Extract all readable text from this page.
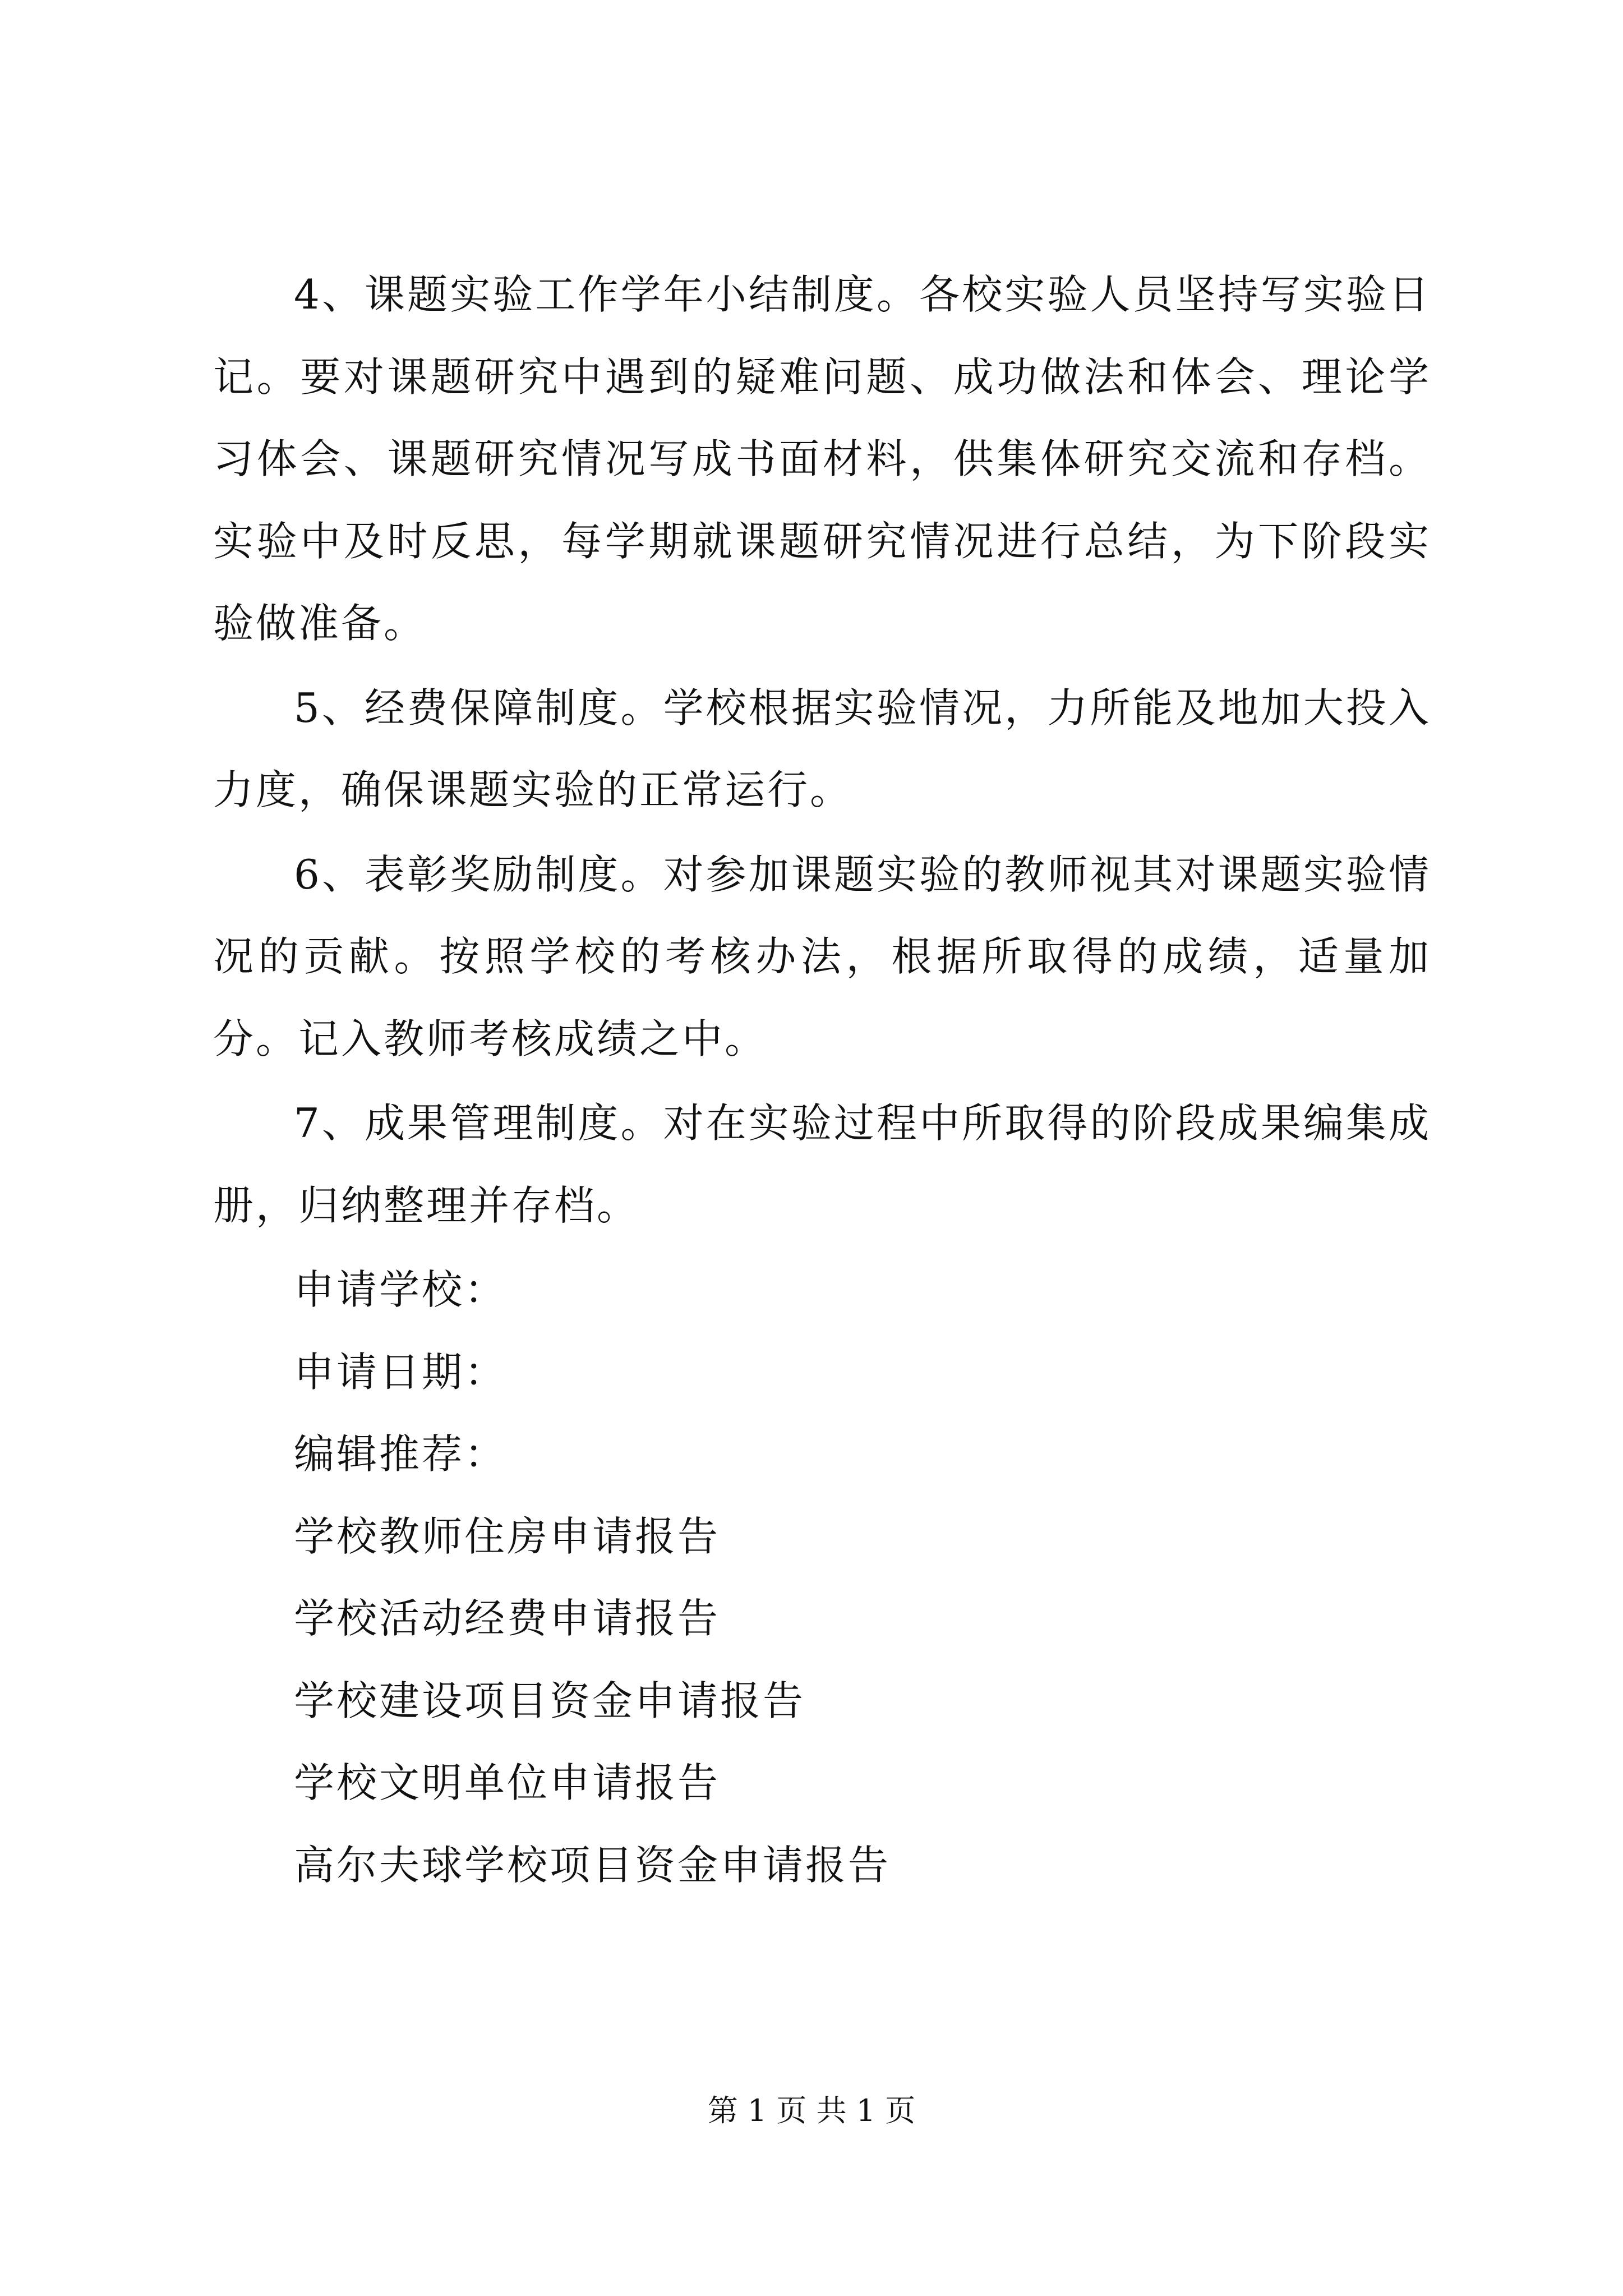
4、课题实验工作学年小结制度。各校实验人员坚持写实验日记。要对课题研究中遇到的疑难问题、成功做法和体会、理论学习体会、课题研究情况写成书面材料，供集体研究交流和存档。实验中及时反思，每学期就课题研究情况进行总结，为下阶段实验做准备。

5、经费保障制度。学校根据实验情况，力所能及地加大投入力度，确保课题实验的正常运行。

6、表彰奖励制度。对参加课题实验的教师视其对课题实验情况的贡献。按照学校的考核办法，根据所取得的成绩，适量加分。记入教师考核成绩之中。

7、成果管理制度。对在实验过程中所取得的阶段成果编集成册，归纳整理并存档。

申请学校：

申请日期：

编辑推荐：

学校教师住房申请报告

学校活动经费申请报告

学校建设项目资金申请报告

学校文明单位申请报告

高尔夫球学校项目资金申请报告

第 1 页 共 1 页
